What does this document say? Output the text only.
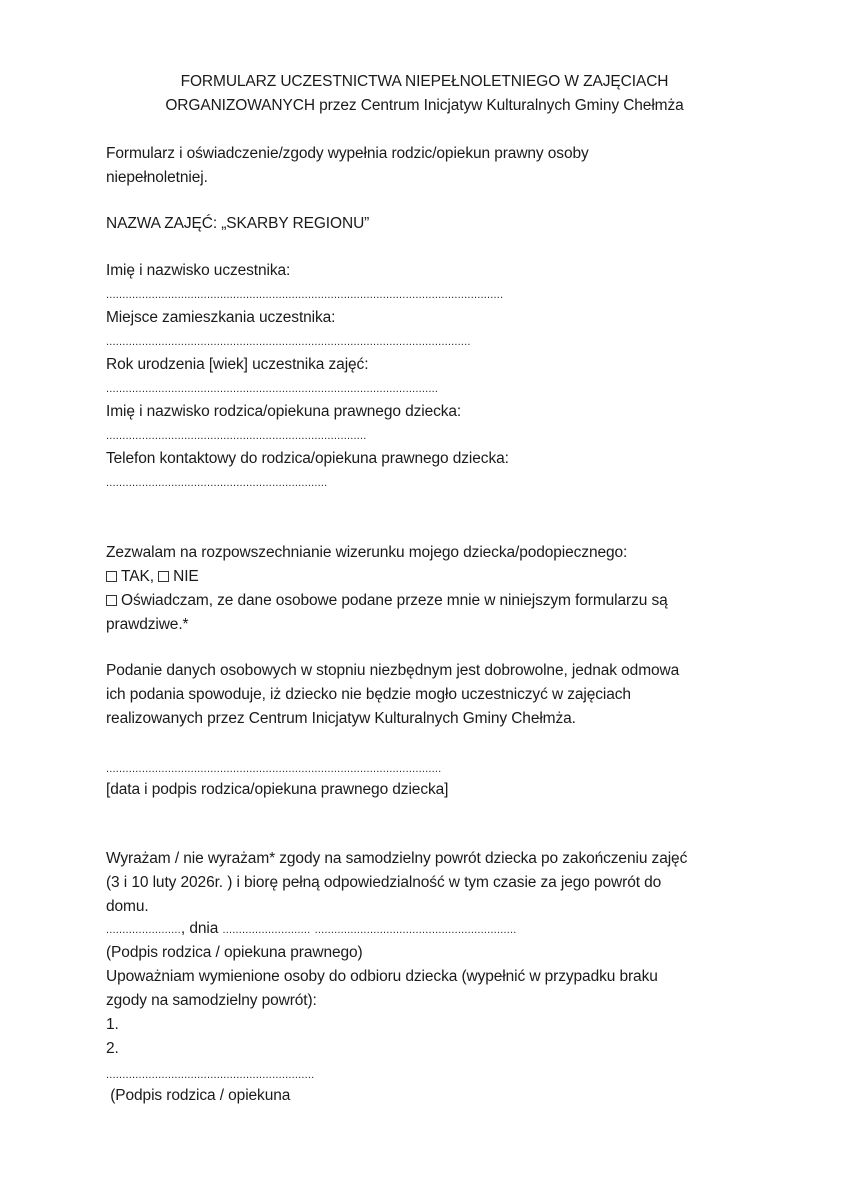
FORMULARZ UCZESTNICTWA NIEPEŁNOLETNIEGO W ZAJĘCIACH
ORGANIZOWANYCH przez Centrum Inicjatyw Kulturalnych Gminy Chełmża
Formularz i oświadczenie/zgody wypełnia rodzic/opiekun prawny osoby
niepełnoletniej.
NAZWA ZAJĘĆ: „SKARBY REGIONU”
Imię i nazwisko uczestnika:
..........................................................................................................................
Miejsce zamieszkania uczestnika:
................................................................................................................
Rok urodzenia [wiek] uczestnika zajęć:
......................................................................................................
Imię i nazwisko rodzica/opiekuna prawnego dziecka:
................................................................................
Telefon kontaktowy do rodzica/opiekuna prawnego dziecka:
....................................................................
Zezwalam na rozpowszechnianie wizerunku mojego dziecka/podopiecznego:
TAK, NIE
Oświadczam, ze dane osobowe podane przeze mnie w niniejszym formularzu są
prawdziwe.*
Podanie danych osobowych w stopniu niezbędnym jest dobrowolne, jednak odmowa
ich podania spowoduje, iż dziecko nie będzie mogło uczestniczyć w zajęciach
realizowanych przez Centrum Inicjatyw Kulturalnych Gminy Chełmża.
.......................................................................................................
[data i podpis rodzica/opiekuna prawnego dziecka]
Wyrażam / nie wyrażam* zgody na samodzielny powrót dziecka po zakończeniu zajęć
(3 i 10 luty 2026r. ) i biorę pełną odpowiedzialność w tym czasie za jego powrót do
domu.
......................., dnia ........................... ..............................................................
(Podpis rodzica / opiekuna prawnego)
Upoważniam wymienione osoby do odbioru dziecka (wypełnić w przypadku braku
zgody na samodzielny powrót):
1.
2.
................................................................
(Podpis rodzica / opiekuna
